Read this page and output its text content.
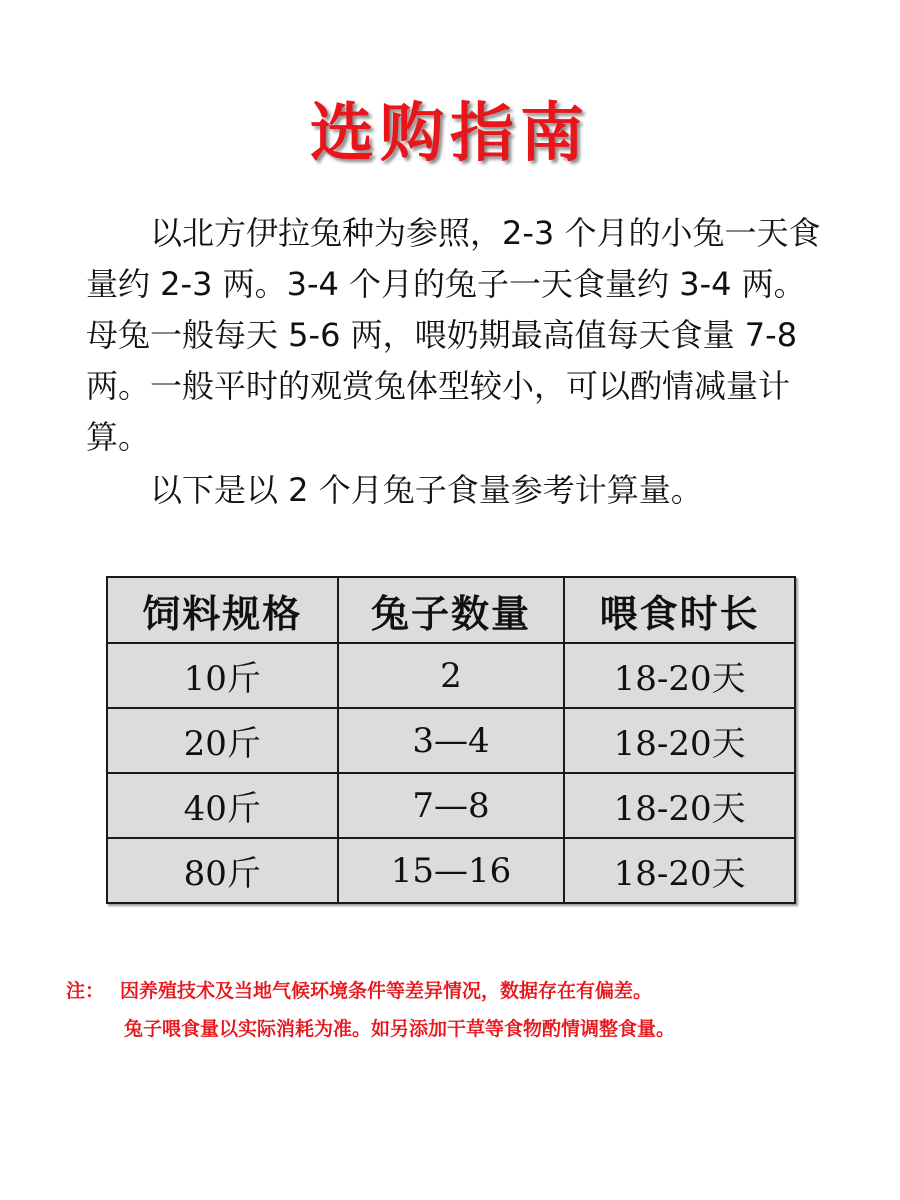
选购指南

以北方伊拉兔种为参照，2-3 个月的小兔一天食量约 2-3 两。3-4 个月的兔子一天食量约 3-4 两。母兔一般每天 5-6 两，喂奶期最高值每天食量 7-8 两。一般平时的观赏兔体型较小，可以酌情减量计算。

以下是以 2 个月兔子食量参考计算量。

饲料规格	兔子数量	喂食时长
10斤	2	18-20天
20斤	3—4	18-20天
40斤	7—8	18-20天
80斤	15—16	18-20天
注： 因养殖技术及当地气候环境条件等差异情况，数据存在有偏差。
兔子喂食量以实际消耗为准。如另添加干草等食物酌情调整食量。
